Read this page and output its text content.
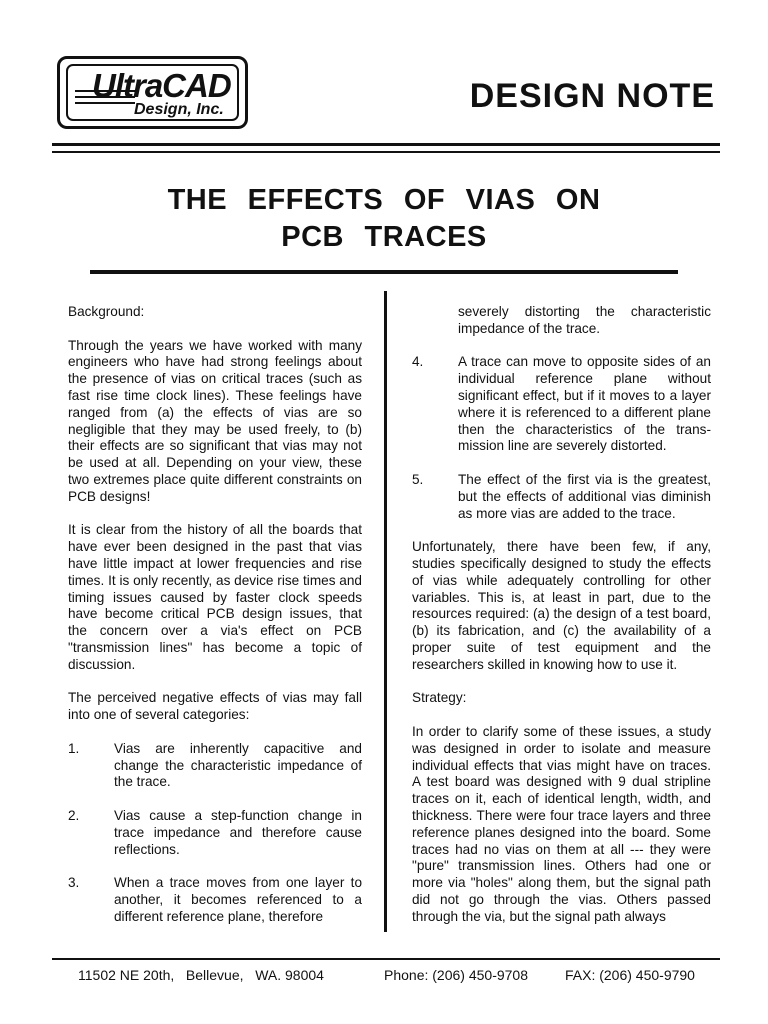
UltraCAD
Design, Inc.	DESIGN NOTE
THE EFFECTS OF VIAS ON
PCB TRACES

Background:

Through the years we have worked with many engineers who have had strong feelings about the presence of vias on critical traces (such as fast rise time clock lines). These feelings have ranged from (a) the effects of vias are so negligible that they may be used freely, to (b) their effects are so significant that vias may not be used at all. Depending on your view, these two extremes place quite different constraints on PCB designs!

It is clear from the history of all the boards that have ever been designed in the past that vias have little impact at lower frequencies and rise times. It is only recently, as device rise times and timing issues caused by faster clock speeds have become critical PCB design issues, that the concern over a via's effect on PCB "transmission lines" has become a topic of discussion.

The perceived negative effects of vias may fall into one of several categories:

1.	Vias are inherently capacitive and change the characteristic impedance of the trace.
2.	Vias cause a step-function change in trace impedance and therefore cause reflections.
3.	When a trace moves from one layer to another, it becomes referenced to a different reference plane, therefore
severely distorting the characteristic impedance of the trace.
4.	A trace can move to opposite sides of an individual reference plane without significant effect, but if it moves to a layer where it is referenced to a different plane then the characteristics of the trans-mission line are severely distorted.
5.	The effect of the first via is the greatest, but the effects of additional vias diminish as more vias are added to the trace.

Unfortunately, there have been few, if any, studies specifically designed to study the effects of vias while adequately controlling for other variables. This is, at least in part, due to the resources required: (a) the design of a test board, (b) its fabrication, and (c) the availability of a proper suite of test equipment and the researchers skilled in knowing how to use it.

Strategy:

In order to clarify some of these issues, a study was designed in order to isolate and measure individual effects that vias might have on traces. A test board was designed with 9 dual stripline traces on it, each of identical length, width, and thickness. There were four trace layers and three reference planes designed into the board. Some traces had no vias on them at all --- they were "pure" transmission lines. Others had one or more via "holes" along them, but the signal path did not go through the vias. Others passed through the via, but the signal path always

11502 NE 20th,   Bellevue,   WA. 98004	Phone: (206) 450-9708	FAX: (206) 450-9790
